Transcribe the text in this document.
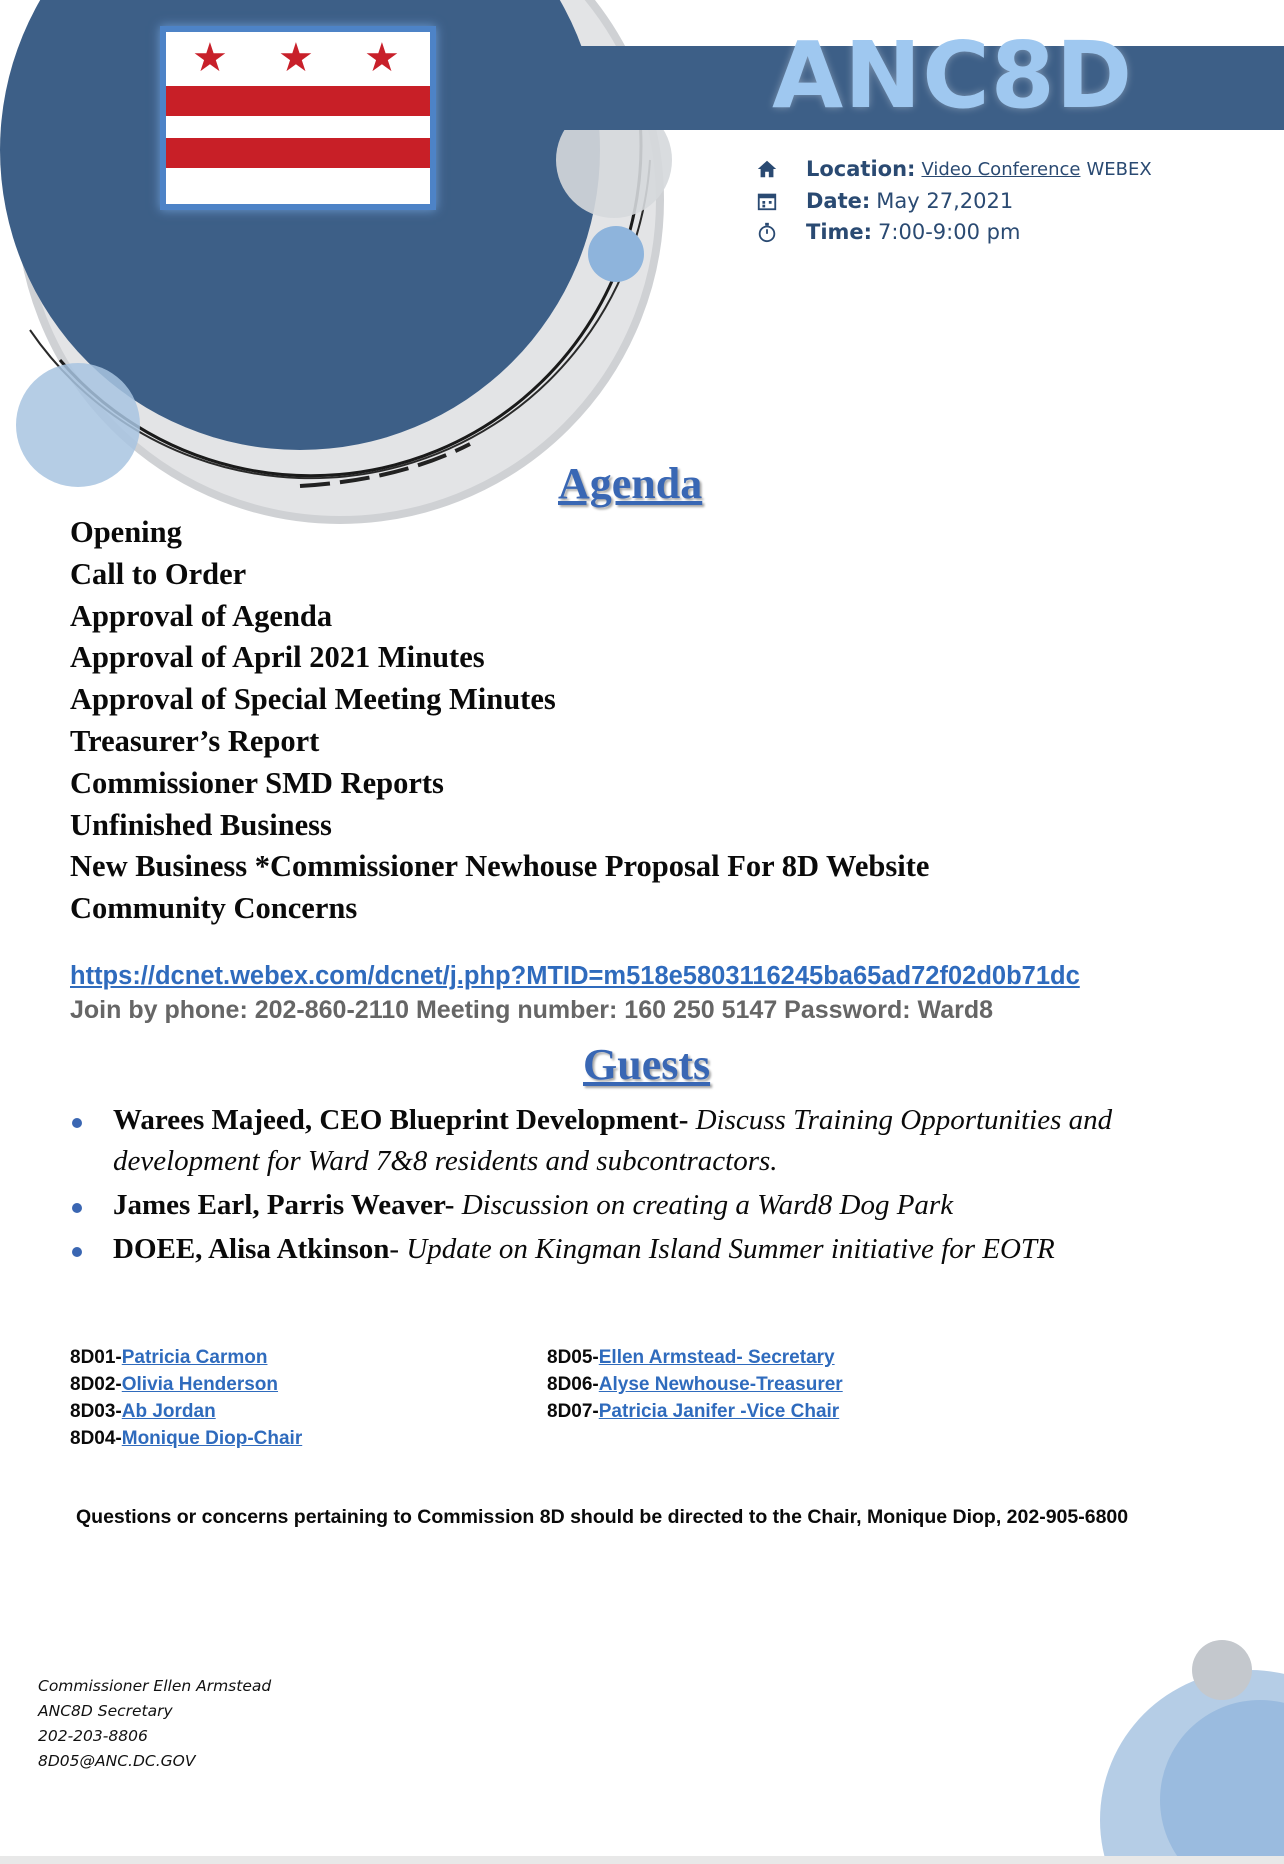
ANC8D
★ ★ ★
Location: Video Conference WEBEX
Date: May 27,2021
Time: 7:00-9:00 pm
Agenda
Opening
Call to Order
Approval of Agenda
Approval of April 2021 Minutes
Approval of Special Meeting Minutes
Treasurer’s Report
Commissioner SMD Reports
Unfinished Business
New Business *Commissioner Newhouse Proposal For 8D Website
Community Concerns
https://dcnet.webex.com/dcnet/j.php?MTID=m518e5803116245ba65ad72f02d0b71dc
Join by phone: 202-860-2110 Meeting number: 160 250 5147 Password: Ward8
Guests
Warees Majeed, CEO Blueprint Development- Discuss Training Opportunities and development for Ward 7&8 residents and subcontractors.
James Earl, Parris Weaver- Discussion on creating a Ward8 Dog Park
DOEE, Alisa Atkinson- Update on Kingman Island Summer initiative for EOTR
8D01-Patricia Carmon
8D02-Olivia Henderson
8D03-Ab Jordan
8D04-Monique Diop-Chair
8D05-Ellen Armstead- Secretary
8D06-Alyse Newhouse-Treasurer
8D07-Patricia Janifer -Vice Chair
Questions or concerns pertaining to Commission 8D should be directed to the Chair, Monique Diop, 202-905-6800
Commissioner Ellen Armstead
ANC8D Secretary
202-203-8806
8D05@ANC.DC.GOV
